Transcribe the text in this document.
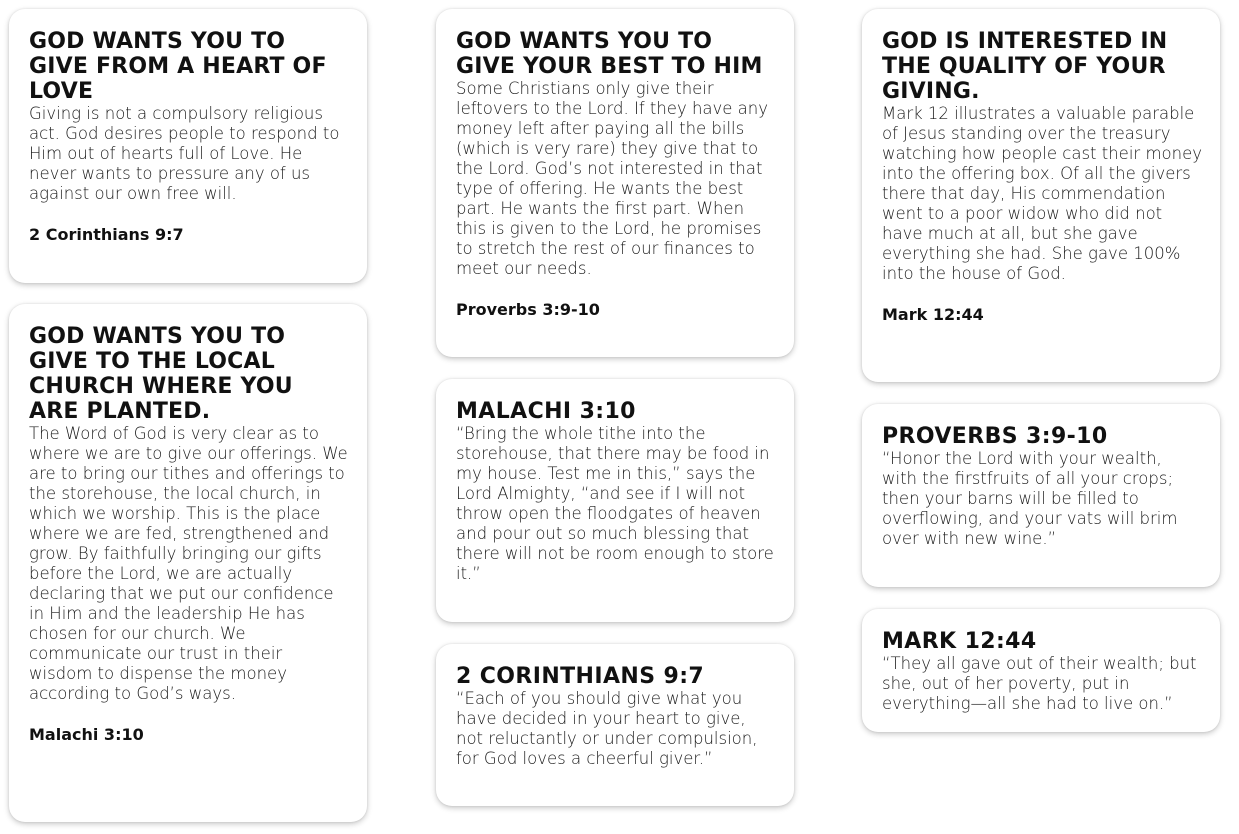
GOD WANTS YOU TO GIVE FROM A HEART OF LOVE

Giving is not a compulsory religious act. God desires people to respond to Him out of hearts full of Love. He never wants to pressure any of us against our own free will.

2 Corinthians 9:7

GOD WANTS YOU TO GIVE TO THE LOCAL CHURCH WHERE YOU ARE PLANTED.

The Word of God is very clear as to where we are to give our offerings. We are to bring our tithes and offerings to the storehouse, the local church, in which we worship. This is the place where we are fed, strengthened and grow. By faithfully bringing our gifts before the Lord, we are actually declaring that we put our confidence in Him and the leadership He has chosen for our church. We communicate our trust in their wisdom to dispense the money according to God’s ways.

Malachi 3:10

GOD WANTS YOU TO GIVE YOUR BEST TO HIM

Some Christians only give their leftovers to the Lord. If they have any money left after paying all the bills (which is very rare) they give that to the Lord. God’s not interested in that type of offering. He wants the best part. He wants the first part. When this is given to the Lord, he promises to stretch the rest of our finances to meet our needs.

Proverbs 3:9-10

MALACHI 3:10

“Bring the whole tithe into the storehouse, that there may be food in my house. Test me in this,” says the Lord Almighty, “and see if I will not throw open the floodgates of heaven and pour out so much blessing that there will not be room enough to store it.”

2 CORINTHIANS 9:7

“Each of you should give what you have decided in your heart to give, not reluctantly or under compulsion, for God loves a cheerful giver.”

GOD IS INTERESTED IN THE QUALITY OF YOUR GIVING.

Mark 12 illustrates a valuable parable of Jesus standing over the treasury watching how people cast their money into the offering box. Of all the givers there that day, His commendation went to a poor widow who did not have much at all, but she gave everything she had. She gave 100% into the house of God.

Mark 12:44

PROVERBS 3:9-10

“Honor the Lord with your wealth, with the firstfruits of all your crops; then your barns will be filled to overflowing, and your vats will brim over with new wine.”

MARK 12:44

“They all gave out of their wealth; but she, out of her poverty, put in everything—all she had to live on.”
